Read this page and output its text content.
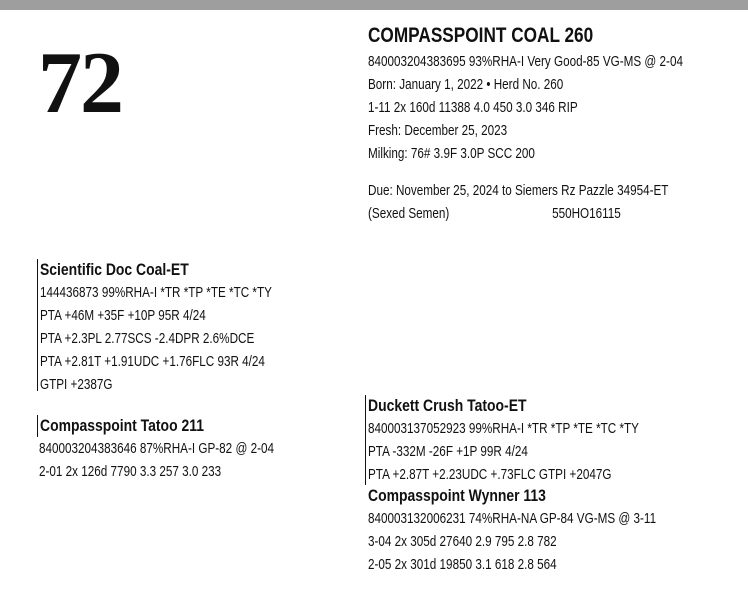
72	COMPASSPOINT COAL 260
840003204383695 93%RHA-I Very Good-85 VG-MS @ 2-04
Born: January 1, 2022 • Herd No. 260
1-11 2x 160d 11388 4.0 450 3.0 346 RIP
Fresh: December 25, 2023
Milking: 76# 3.9F 3.0P SCC 200
Due: November 25, 2024 to Siemers Rz Pazzle 34954-ET
(Sexed Semen)	550HO16115
Scientific Doc Coal-ET
144436873 99%RHA-I *TR *TP *TE *TC *TY
PTA +46M +35F +10P 95R 4/24
PTA +2.3PL 2.77SCS -2.4DPR 2.6%DCE
PTA +2.81T +1.91UDC +1.76FLC 93R 4/24
GTPI +2387G
Compasspoint Tatoo 211
840003204383646 87%RHA-I GP-82 @ 2-04
2-01 2x 126d 7790 3.3 257 3.0 233
Duckett Crush Tatoo-ET
840003137052923 99%RHA-I *TR *TP *TE *TC *TY
PTA -332M -26F +1P 99R 4/24
PTA +2.87T +2.23UDC +.73FLC GTPI +2047G
Compasspoint Wynner 113
840003132006231 74%RHA-NA GP-84 VG-MS @ 3-11
3-04 2x 305d 27640 2.9 795 2.8 782
2-05 2x 301d 19850 3.1 618 2.8 564
